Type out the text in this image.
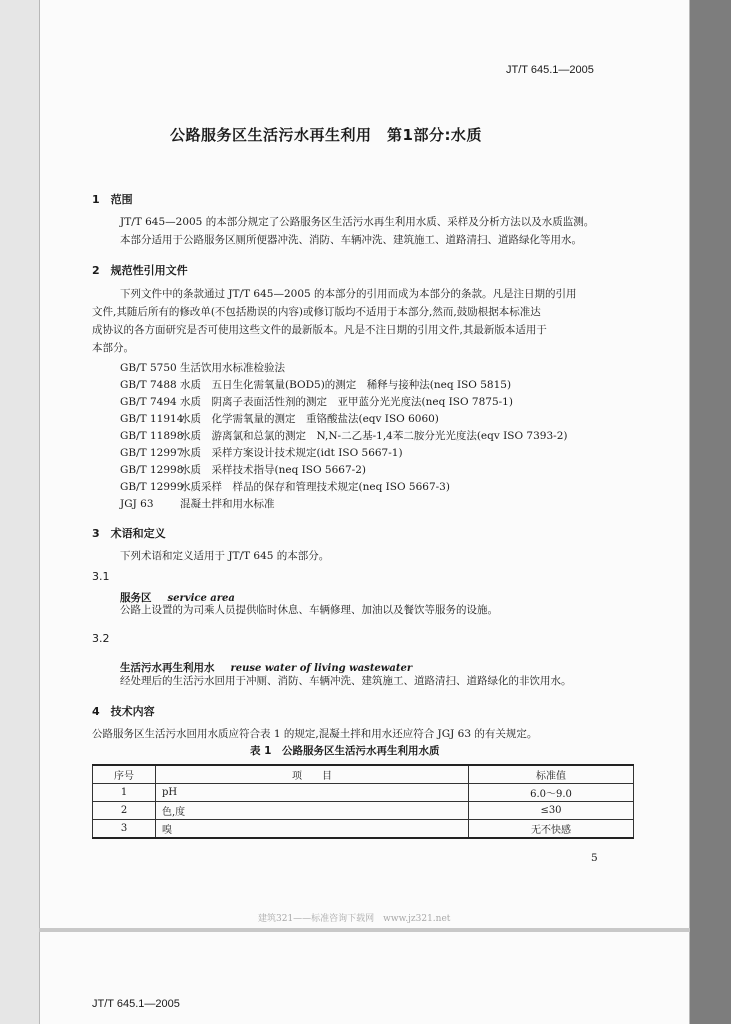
JT/T 645.1—2005
公路服务区生活污水再生利用　第1部分:水质
1　范围
JT/T 645—2005 的本部分规定了公路服务区生活污水再生利用水质、采样及分析方法以及水质监测。
本部分适用于公路服务区厕所便器冲洗、消防、车辆冲洗、建筑施工、道路清扫、道路绿化等用水。
2　规范性引用文件
下列文件中的条款通过 JT/T 645—2005 的本部分的引用而成为本部分的条款。凡是注日期的引用
文件,其随后所有的修改单(不包括勘误的内容)或修订版均不适用于本部分,然而,鼓励根据本标准达
成协议的各方面研究是否可使用这些文件的最新版本。凡是不注日期的引用文件,其最新版本适用于
本部分。
GB/T 5750 生活饮用水标准检验法
GB/T 7488 水质　五日生化需氧量(BOD5)的测定　稀释与接种法(neq ISO 5815)
GB/T 7494 水质　阴离子表面活性剂的测定　亚甲蓝分光光度法(neq ISO 7875-1)
GB/T 11914水质　化学需氧量的测定　重铬酸盐法(eqv ISO 6060)
GB/T 11898水质　游离氯和总氯的测定　N,N-二乙基-1,4苯二胺分光光度法(eqv ISO 7393-2)
GB/T 12997水质　采样方案设计技术规定(idt ISO 5667-1)
GB/T 12998水质　采样技术指导(neq ISO 5667-2)
GB/T 12999水质采样　样品的保存和管理技术规定(neq ISO 5667-3)
JGJ 63	混凝土拌和用水标准
3　术语和定义
下列术语和定义适用于 JT/T 645 的本部分。
3.1
服务区 service area
公路上设置的为司乘人员提供临时休息、车辆修理、加油以及餐饮等服务的设施。
3.2
生活污水再生利用水 reuse water of living wastewater
经处理后的生活污水回用于冲厕、消防、车辆冲洗、建筑施工、道路清扫、道路绿化的非饮用水。
4　技术内容
公路服务区生活污水回用水质应符合表 1 的规定,混凝土拌和用水还应符合 JGJ 63 的有关规定。
表 1　公路服务区生活污水再生利用水质
序号	项　　目	标准值
1	pH	6.0～9.0
2	色,度	≤30
3	嗅	无不快感
5
建筑321——标准咨询下载网　www.jz321.net
JT/T 645.1—2005
